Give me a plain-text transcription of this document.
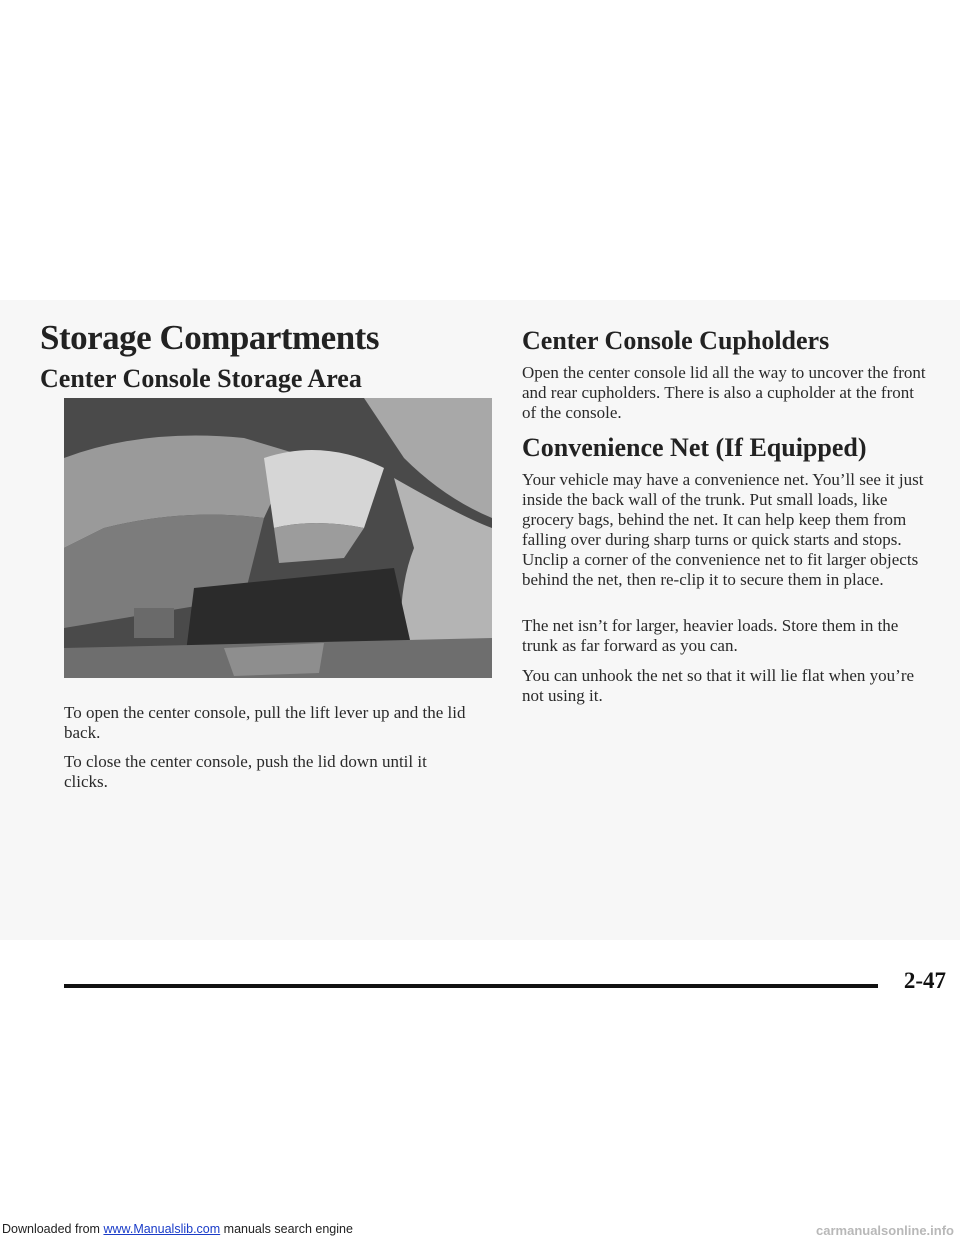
Storage Compartments
Center Console Storage Area
To open the center console, pull the lift lever up and the lid back.
To close the center console, push the lid down until it clicks.
Center Console Cupholders
Open the center console lid all the way to uncover the front and rear cupholders. There is also a cupholder at the front of the console.
Convenience Net (If Equipped)
Your vehicle may have a convenience net. You’ll see it just inside the back wall of the trunk. Put small loads, like grocery bags, behind the net. It can help keep them from falling over during sharp turns or quick starts and stops. Unclip a corner of the convenience net to fit larger objects behind the net, then re-clip it to secure them in place.
The net isn’t for larger, heavier loads. Store them in the trunk as far forward as you can.
You can unhook the net so that it will lie flat when you’re not using it.
2-47
Downloaded from www.Manualslib.com manuals search engine	carmanualsonline.info
